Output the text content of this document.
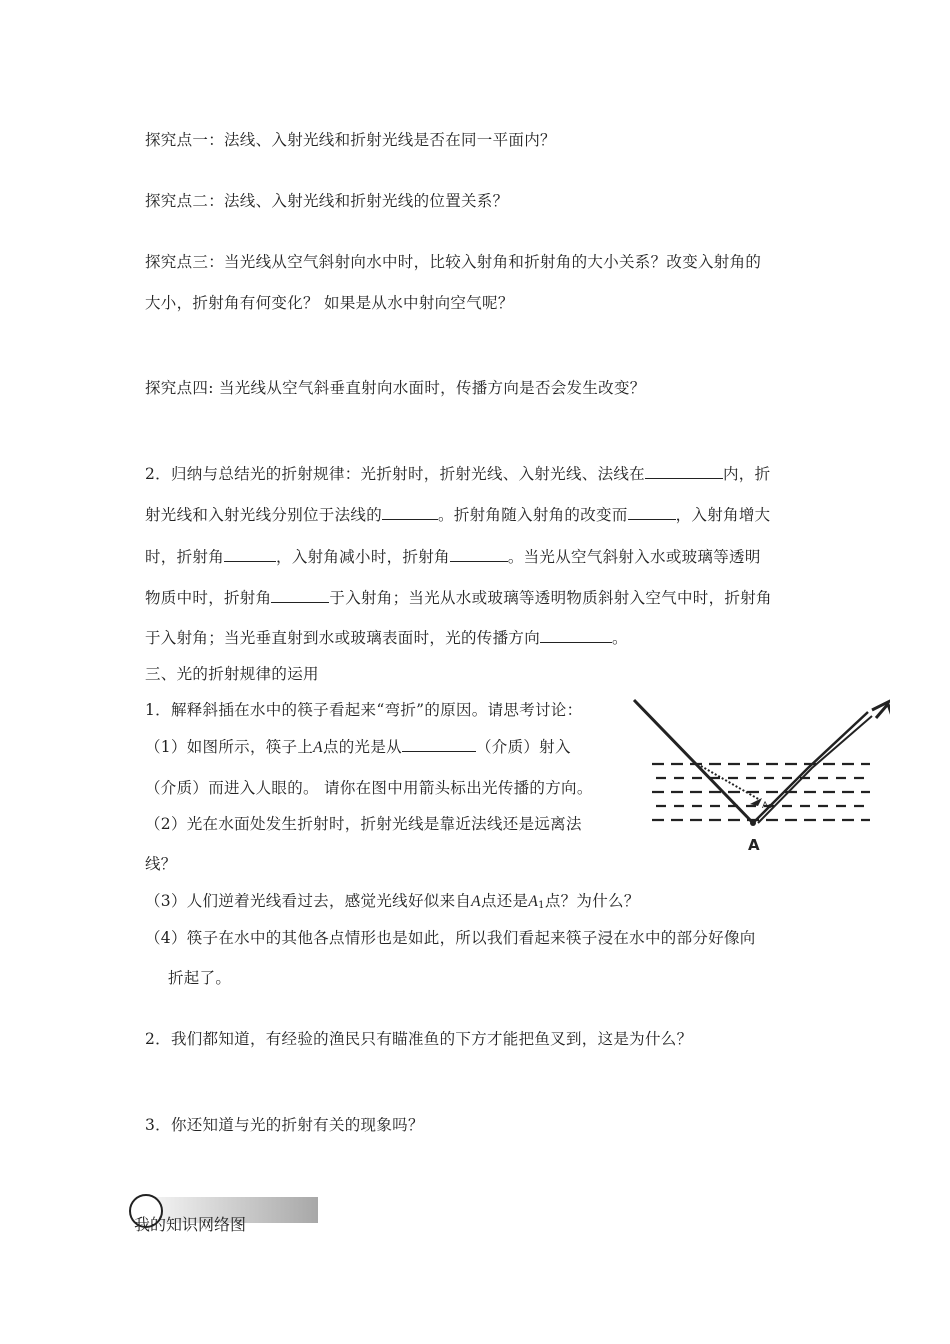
探究点一：法线、入射光线和折射光线是否在同一平面内？
探究点二：法线、入射光线和折射光线的位置关系？
探究点三：当光线从空气斜射向水中时，比较入射角和折射角的大小关系？改变入射角的
大小，折射角有何变化？ 如果是从水中射向空气呢？
探究点四: 当光线从空气斜垂直射向水面时，传播方向是否会发生改变？
2．归纳与总结光的折射规律：光折射时，折射光线、入射光线、法线在	内，折
射光线和入射光线分别位于法线的	。折射角随入射角的改变而	，入射角增大
时，折射角	，入射角减小时，折射角	。当光从空气斜射入水或玻璃等透明
物质中时，折射角	于入射角；当光从水或玻璃等透明物质斜射入空气中时，折射角
于入射角；当光垂直射到水或玻璃表面时，光的传播方向	。
三、光的折射规律的运用
1．解释斜插在水中的筷子看起来“弯折”的原因。请思考讨论：
（1）如图所示，筷子上A点的光是从	（介质）射入
（介质）而进入人眼的。 请你在图中用箭头标出光传播的方向。
（2）光在水面处发生折射时，折射光线是靠近法线还是远离法
线？
（3）人们逆着光线看过去，感觉光线好似来自A点还是$A_1$点？为什么？
（4）筷子在水中的其他各点情形也是如此，所以我们看起来筷子浸在水中的部分好像向
折起了。
2．我们都知道，有经验的渔民只有瞄准鱼的下方才能把鱼叉到，这是为什么？
3．你还知道与光的折射有关的现象吗？
A
A₁
我的知识网络图
